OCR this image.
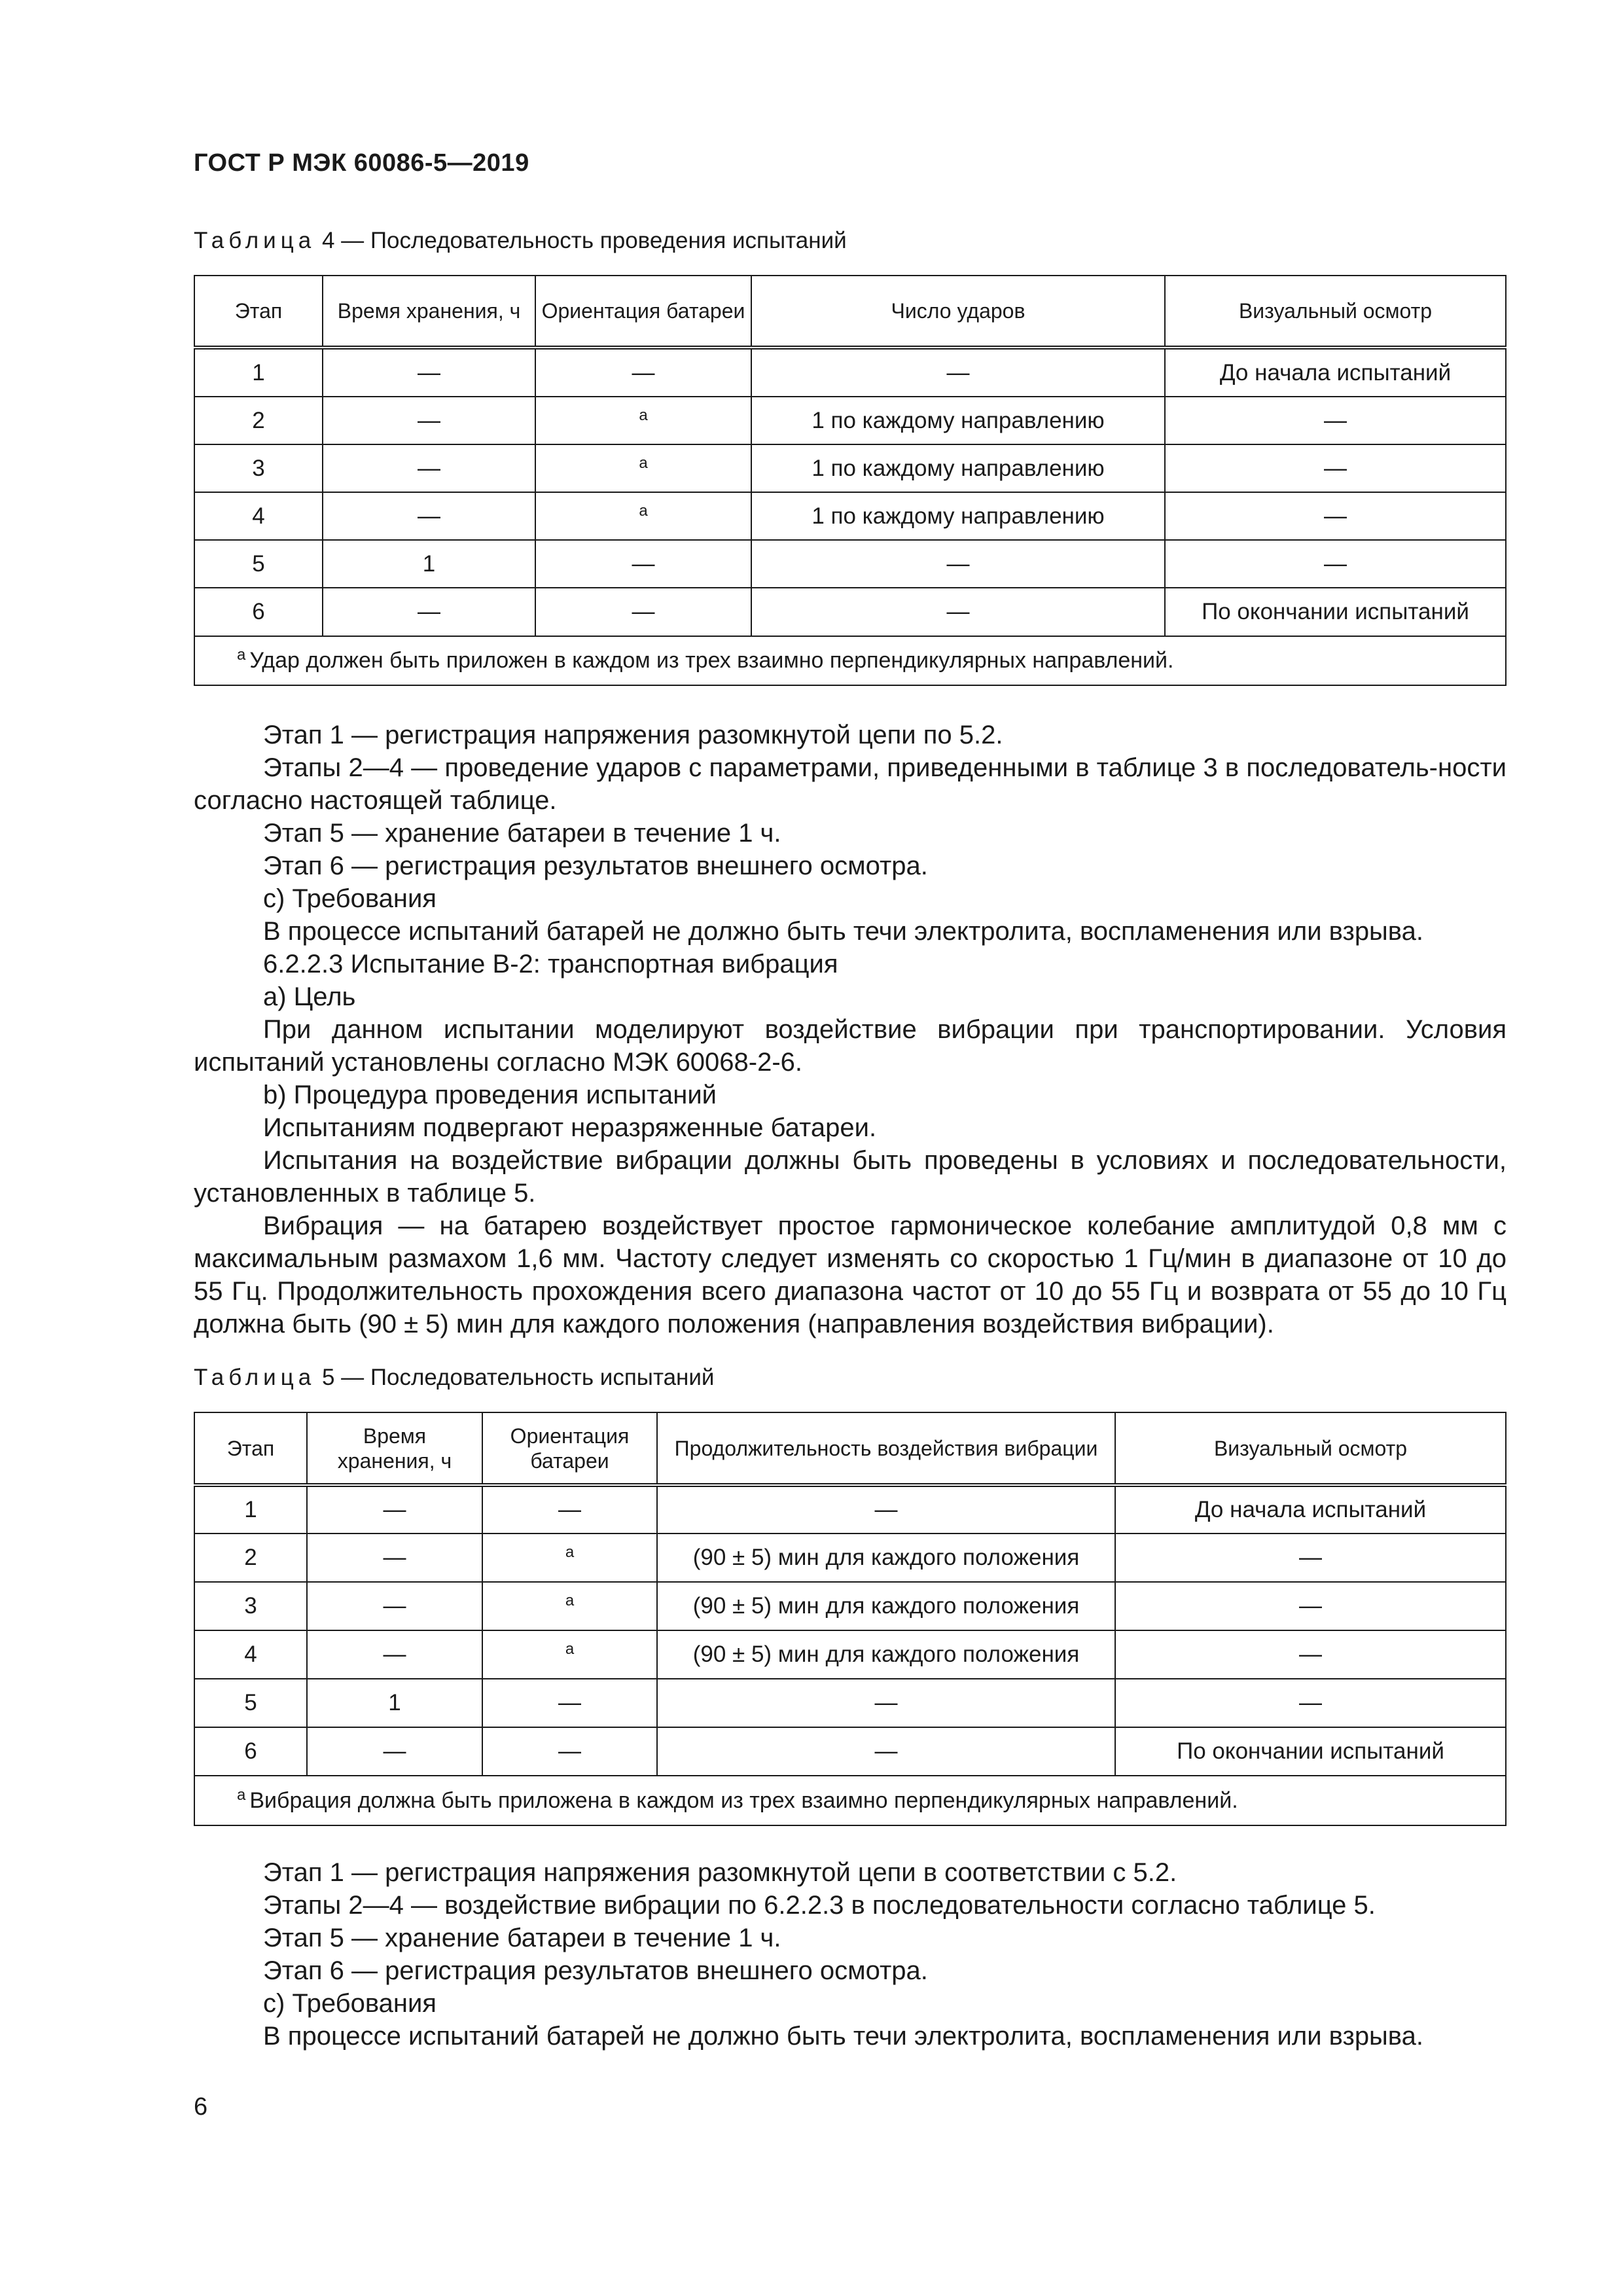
ГОСТ Р МЭК 60086-5—2019
Таблица 4 — Последовательность проведения испытаний
Этап	Время хранения, ч	Ориентация батареи	Число ударов	Визуальный осмотр
1	—	—	—	До начала испытаний
2	—	$^а$	1 по каждому направлению	—
3	—	$^а$	1 по каждому направлению	—
4	—	$^а$	1 по каждому направлению	—
5	1	—	—	—
6	—	—	—	По окончании испытаний
$^а$ Удар должен быть приложен в каждом из трех взаимно перпендикулярных направлений.				

Этап 1 — регистрация напряжения разомкнутой цепи по 5.2.

Этапы 2—4 — проведение ударов с параметрами, приведенными в таблице 3 в последователь-ности согласно настоящей таблице.

Этап 5 — хранение батареи в течение 1 ч.

Этап 6 — регистрация результатов внешнего осмотра.

c) Требования

В процессе испытаний батарей не должно быть течи электролита, воспламенения или взрыва.

6.2.2.3 Испытание В-2: транспортная вибрация

a) Цель

При данном испытании моделируют воздействие вибрации при транспортировании. Условия испытаний установлены согласно МЭК 60068-2-6.

b) Процедура проведения испытаний

Испытаниям подвергают неразряженные батареи.

Испытания на воздействие вибрации должны быть проведены в условиях и последовательности, установленных в таблице 5.

Вибрация — на батарею воздействует простое гармоническое колебание амплитудой 0,8 мм с максимальным размахом 1,6 мм. Частоту следует изменять со скоростью 1 Гц/мин в диапазоне от 10 до 55 Гц. Продолжительность прохождения всего диапазона частот от 10 до 55 Гц и возврата от 55 до 10 Гц должна быть (90 ± 5) мин для каждого положения (направления воздействия вибрации).

Таблица 5 — Последовательность испытаний
Этап	Время хранения, ч	Ориентация батареи	Продолжительность воздействия вибрации	Визуальный осмотр
1	—	—	—	До начала испытаний
2	—	$^а$	(90 ± 5) мин для каждого положения	—
3	—	$^а$	(90 ± 5) мин для каждого положения	—
4	—	$^а$	(90 ± 5) мин для каждого положения	—
5	1	—	—	—
6	—	—	—	По окончании испытаний
$^а$ Вибрация должна быть приложена в каждом из трех взаимно перпендикулярных направлений.				

Этап 1 — регистрация напряжения разомкнутой цепи в соответствии с 5.2.

Этапы 2—4 — воздействие вибрации по 6.2.2.3 в последовательности согласно таблице 5.

Этап 5 — хранение батареи в течение 1 ч.

Этап 6 — регистрация результатов внешнего осмотра.

c) Требования

В процессе испытаний батарей не должно быть течи электролита, воспламенения или взрыва.

6
